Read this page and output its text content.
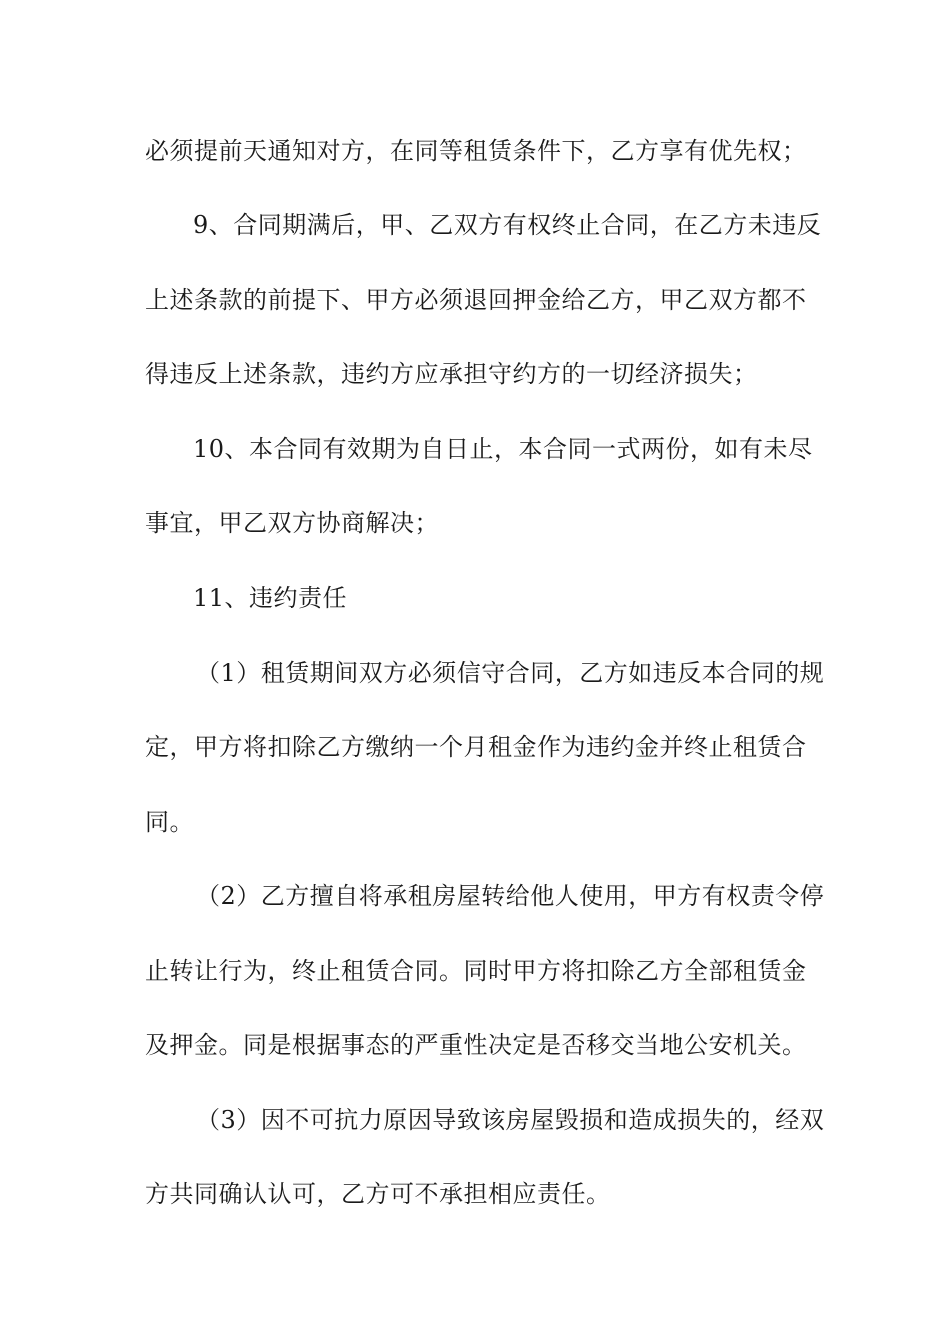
必须提前天通知对方，在同等租赁条件下，乙方享有优先权；

9、合同期满后，甲、乙双方有权终止合同，在乙方未违反

上述条款的前提下、甲方必须退回押金给乙方，甲乙双方都不

得违反上述条款，违约方应承担守约方的一切经济损失；

10、本合同有效期为自日止，本合同一式两份，如有未尽

事宜，甲乙双方协商解决；

11、违约责任

（1）租赁期间双方必须信守合同，乙方如违反本合同的规

定，甲方将扣除乙方缴纳一个月租金作为违约金并终止租赁合

同。

（2）乙方擅自将承租房屋转给他人使用，甲方有权责令停

止转让行为，终止租赁合同。同时甲方将扣除乙方全部租赁金

及押金。同是根据事态的严重性决定是否移交当地公安机关。

（3）因不可抗力原因导致该房屋毁损和造成损失的，经双

方共同确认认可，乙方可不承担相应责任。
